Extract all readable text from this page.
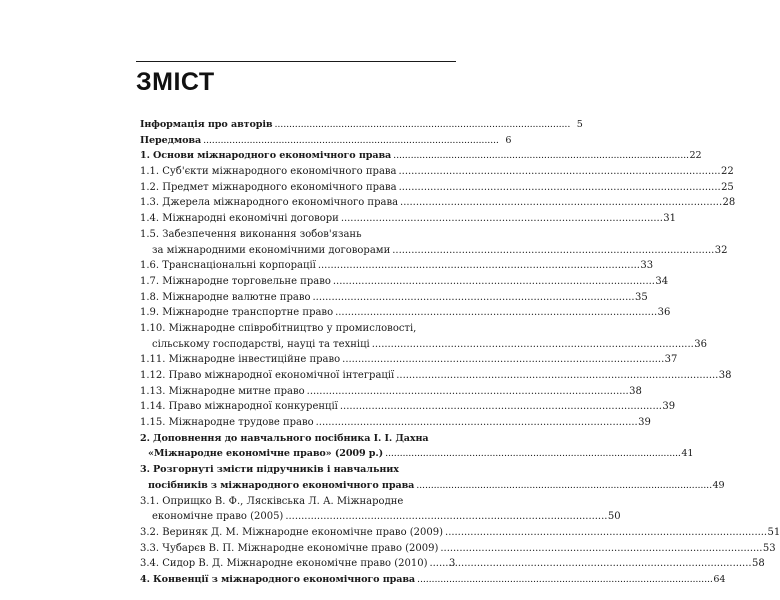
ЗМІСТ
Інформація про авторів . . .	5
Передмова . . .	6
1. Основи міжнародного економічного права . . .	22
1.1. Суб'єкти міжнародного економічного права . . .	22
1.2. Предмет міжнародного економічного права . . .	25
1.3. Джерела міжнародного економічного права . . .	28
1.4. Міжнародні економічні договори . . .	31
1.5. Забезпечення виконання зобов'язань
за міжнародними економічними договорами . . .	32
1.6. Транснаціональні корпорації . . .	33
1.7. Міжнародне торговельне право . . .	34
1.8. Міжнародне валютне право . . .	35
1.9. Міжнародне транспортне право . . .	36
1.10. Міжнародне співробітництво у промисловості,
сільському господарстві, науці та техніці . . .	36
1.11. Міжнародне інвестиційне право . . .	37
1.12. Право міжнародної економічної інтеграції . . .	38
1.13. Міжнародне митне право . . .	38
1.14. Право міжнародної конкуренції . . .	39
1.15. Міжнародне трудове право . . .	39
2. Доповнення до навчального посібника І. І. Дахна
«Міжнародне економічне право» (2009 р.) . . .	41
3. Розгорнуті змісти підручників і навчальних
посібників з міжнародного економічного права . . .	49
3.1. Оприщко В. Ф., Лясківська Л. А. Міжнародне
економічне право (2005) . . .	50
3.2. Вериняк Д. М. Міжнародне економічне право (2009) . . .	51
3.3. Чубарєв В. П. Міжнародне економічне право (2009) . . .	53
3.4. Сидор В. Д. Міжнародне економічне право (2010) . . .	58
4. Конвенції з міжнародного економічного права . . .	64
3
